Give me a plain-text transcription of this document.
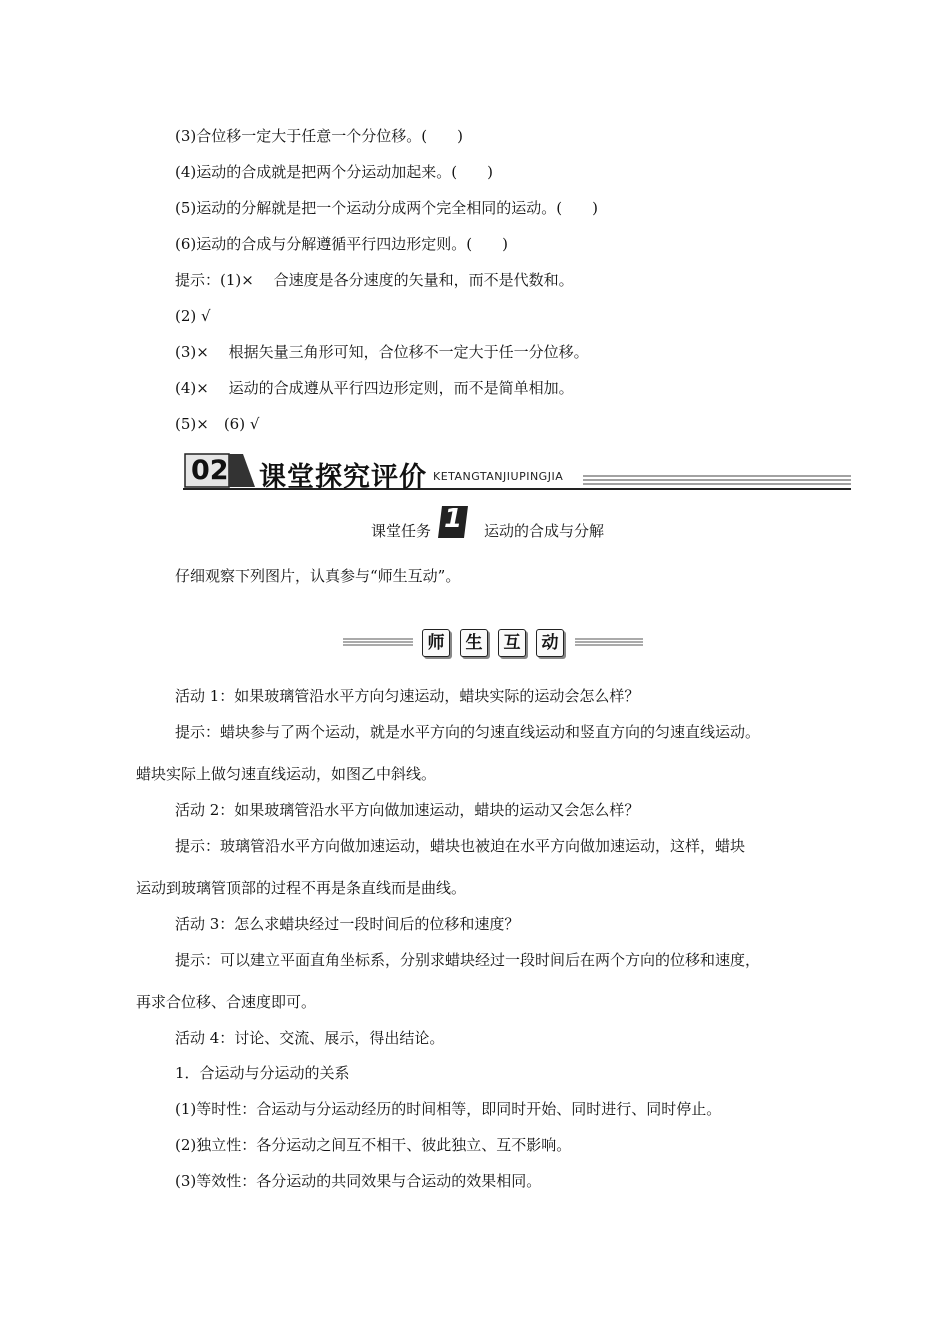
(3)合位移一定大于任意一个分位移。(　　)
(4)运动的合成就是把两个分运动加起来。(　　)
(5)运动的分解就是把一个运动分成两个完全相同的运动。(　　)
(6)运动的合成与分解遵循平行四边形定则。(　　)
提示：(1)×　 合速度是各分速度的矢量和，而不是代数和。
(2) √
(3)×　 根据矢量三角形可知，合位移不一定大于任一分位移。
(4)×　 运动的合成遵从平行四边形定则，而不是简单相加。
(5)×　(6) √
02 课堂探究评价 KETANGTANJIUPINGJIA
课堂任务 1	运动的合成与分解
仔细观察下列图片，认真参与“师生互动”。
师	生	互	动
活动 1：如果玻璃管沿水平方向匀速运动，蜡块实际的运动会怎么样？
提示：蜡块参与了两个运动，就是水平方向的匀速直线运动和竖直方向的匀速直线运动。
蜡块实际上做匀速直线运动，如图乙中斜线。
活动 2：如果玻璃管沿水平方向做加速运动，蜡块的运动又会怎么样？
提示：玻璃管沿水平方向做加速运动，蜡块也被迫在水平方向做加速运动，这样，蜡块
运动到玻璃管顶部的过程不再是条直线而是曲线。
活动 3：怎么求蜡块经过一段时间后的位移和速度？
提示：可以建立平面直角坐标系，分别求蜡块经过一段时间后在两个方向的位移和速度，
再求合位移、合速度即可。
活动 4：讨论、交流、展示，得出结论。
1．合运动与分运动的关系
(1)等时性：合运动与分运动经历的时间相等，即同时开始、同时进行、同时停止。
(2)独立性：各分运动之间互不相干、彼此独立、互不影响。
(3)等效性：各分运动的共同效果与合运动的效果相同。
